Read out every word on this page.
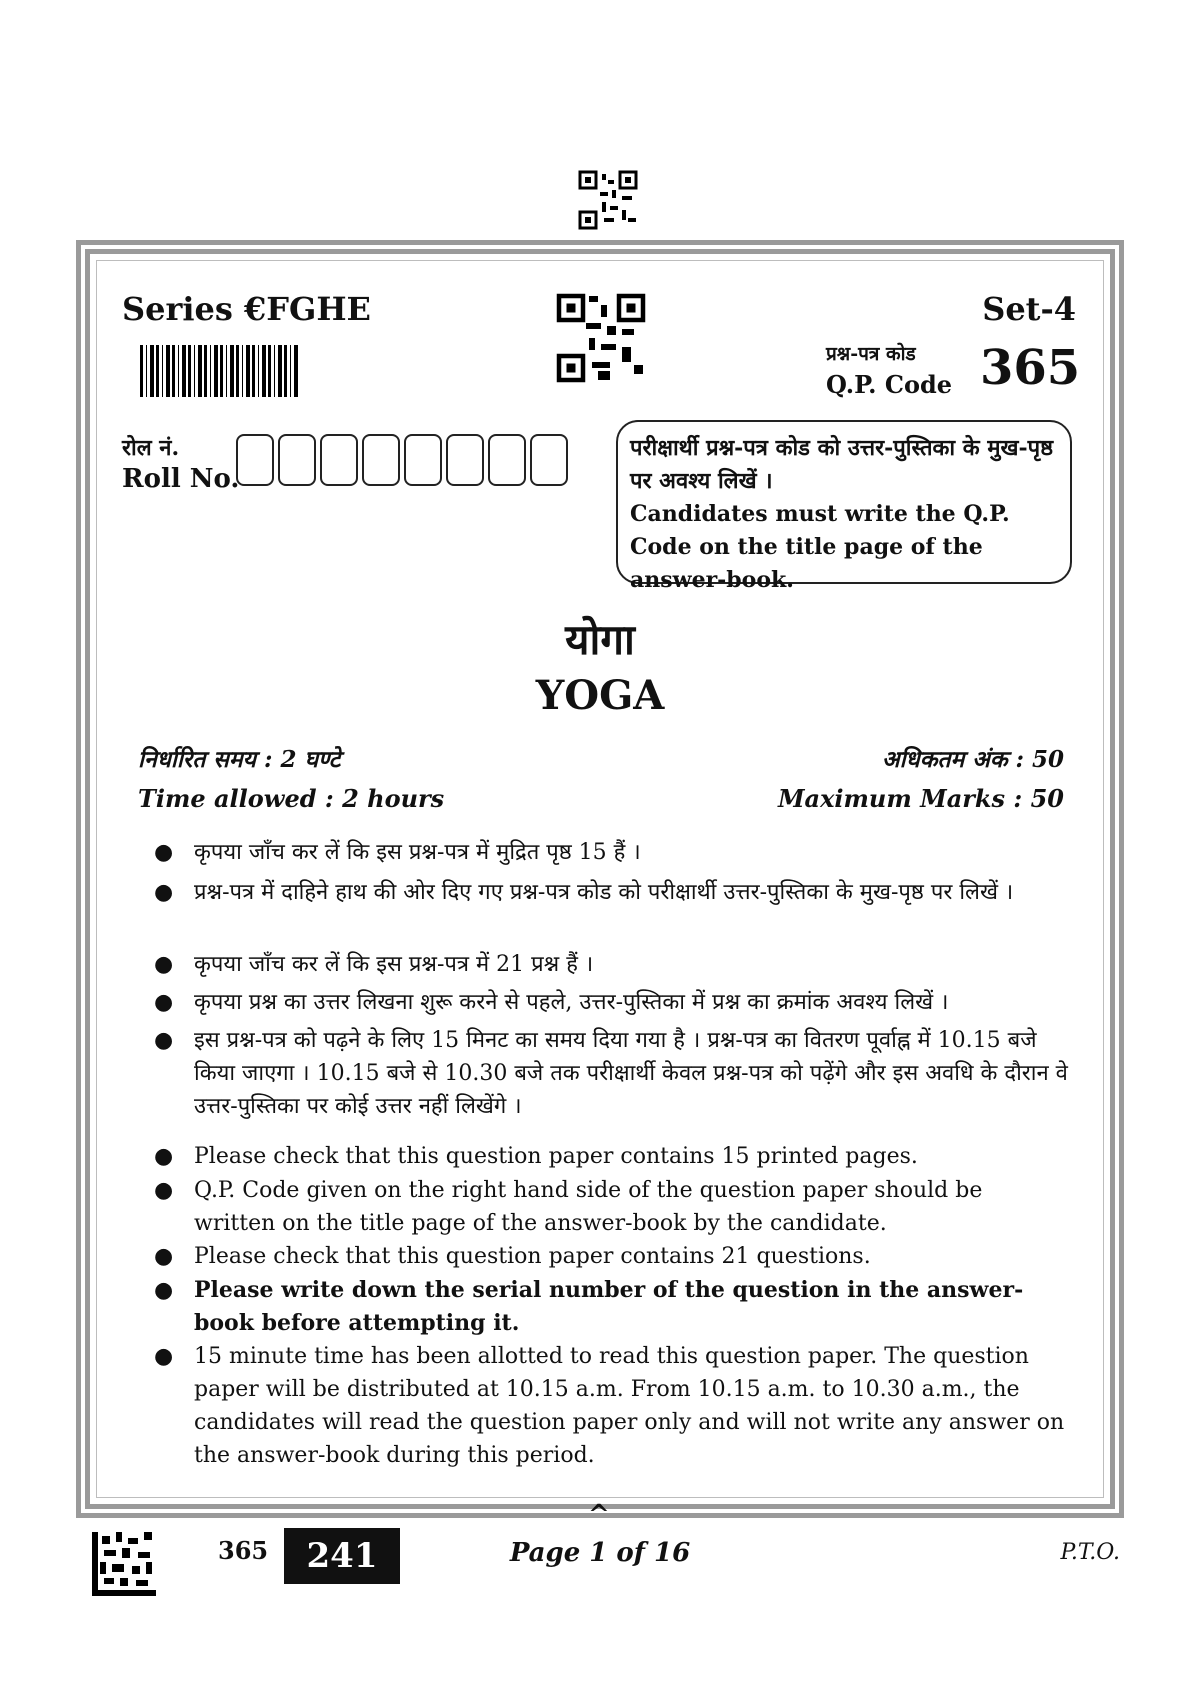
Series €FGHE	Set-4
प्रश्न-पत्र कोड
Q.P. Code 365
रोल नं.
Roll No.
परीक्षार्थी प्रश्न-पत्र कोड को उत्तर-पुस्तिका के मुख-पृष्ठ पर अवश्य लिखें ।
Candidates must write the Q.P. Code on the title page of the answer-book.
योगा
YOGA
निर्धारित समय : 2 घण्टे
Time allowed : 2 hours
अधिकतम अंक : 50
Maximum Marks : 50
● कृपया जाँच कर लें कि इस प्रश्न-पत्र में मुद्रित पृष्ठ 15 हैं ।
● प्रश्न-पत्र में दाहिने हाथ की ओर दिए गए प्रश्न-पत्र कोड को परीक्षार्थी उत्तर-पुस्तिका के मुख-पृष्ठ पर लिखें ।
● कृपया जाँच कर लें कि इस प्रश्न-पत्र में 21 प्रश्न हैं ।
● कृपया प्रश्न का उत्तर लिखना शुरू करने से पहले, उत्तर-पुस्तिका में प्रश्न का क्रमांक अवश्य लिखें ।
● इस प्रश्न-पत्र को पढ़ने के लिए 15 मिनट का समय दिया गया है । प्रश्न-पत्र का वितरण पूर्वाह्न में 10.15 बजे किया जाएगा । 10.15 बजे से 10.30 बजे तक परीक्षार्थी केवल प्रश्न-पत्र को पढ़ेंगे और इस अवधि के दौरान वे उत्तर-पुस्तिका पर कोई उत्तर नहीं लिखेंगे ।
● Please check that this question paper contains 15 printed pages.
● Q.P. Code given on the right hand side of the question paper should be written on the title page of the answer-book by the candidate.
● Please check that this question paper contains 21 questions.
● Please write down the serial number of the question in the answer-book before attempting it.
● 15 minute time has been allotted to read this question paper. The question paper will be distributed at 10.15 a.m. From 10.15 a.m. to 10.30 a.m., the candidates will read the question paper only and will not write any answer on the answer-book during this period.
^
365	241	Page 1 of 16	P.T.O.
